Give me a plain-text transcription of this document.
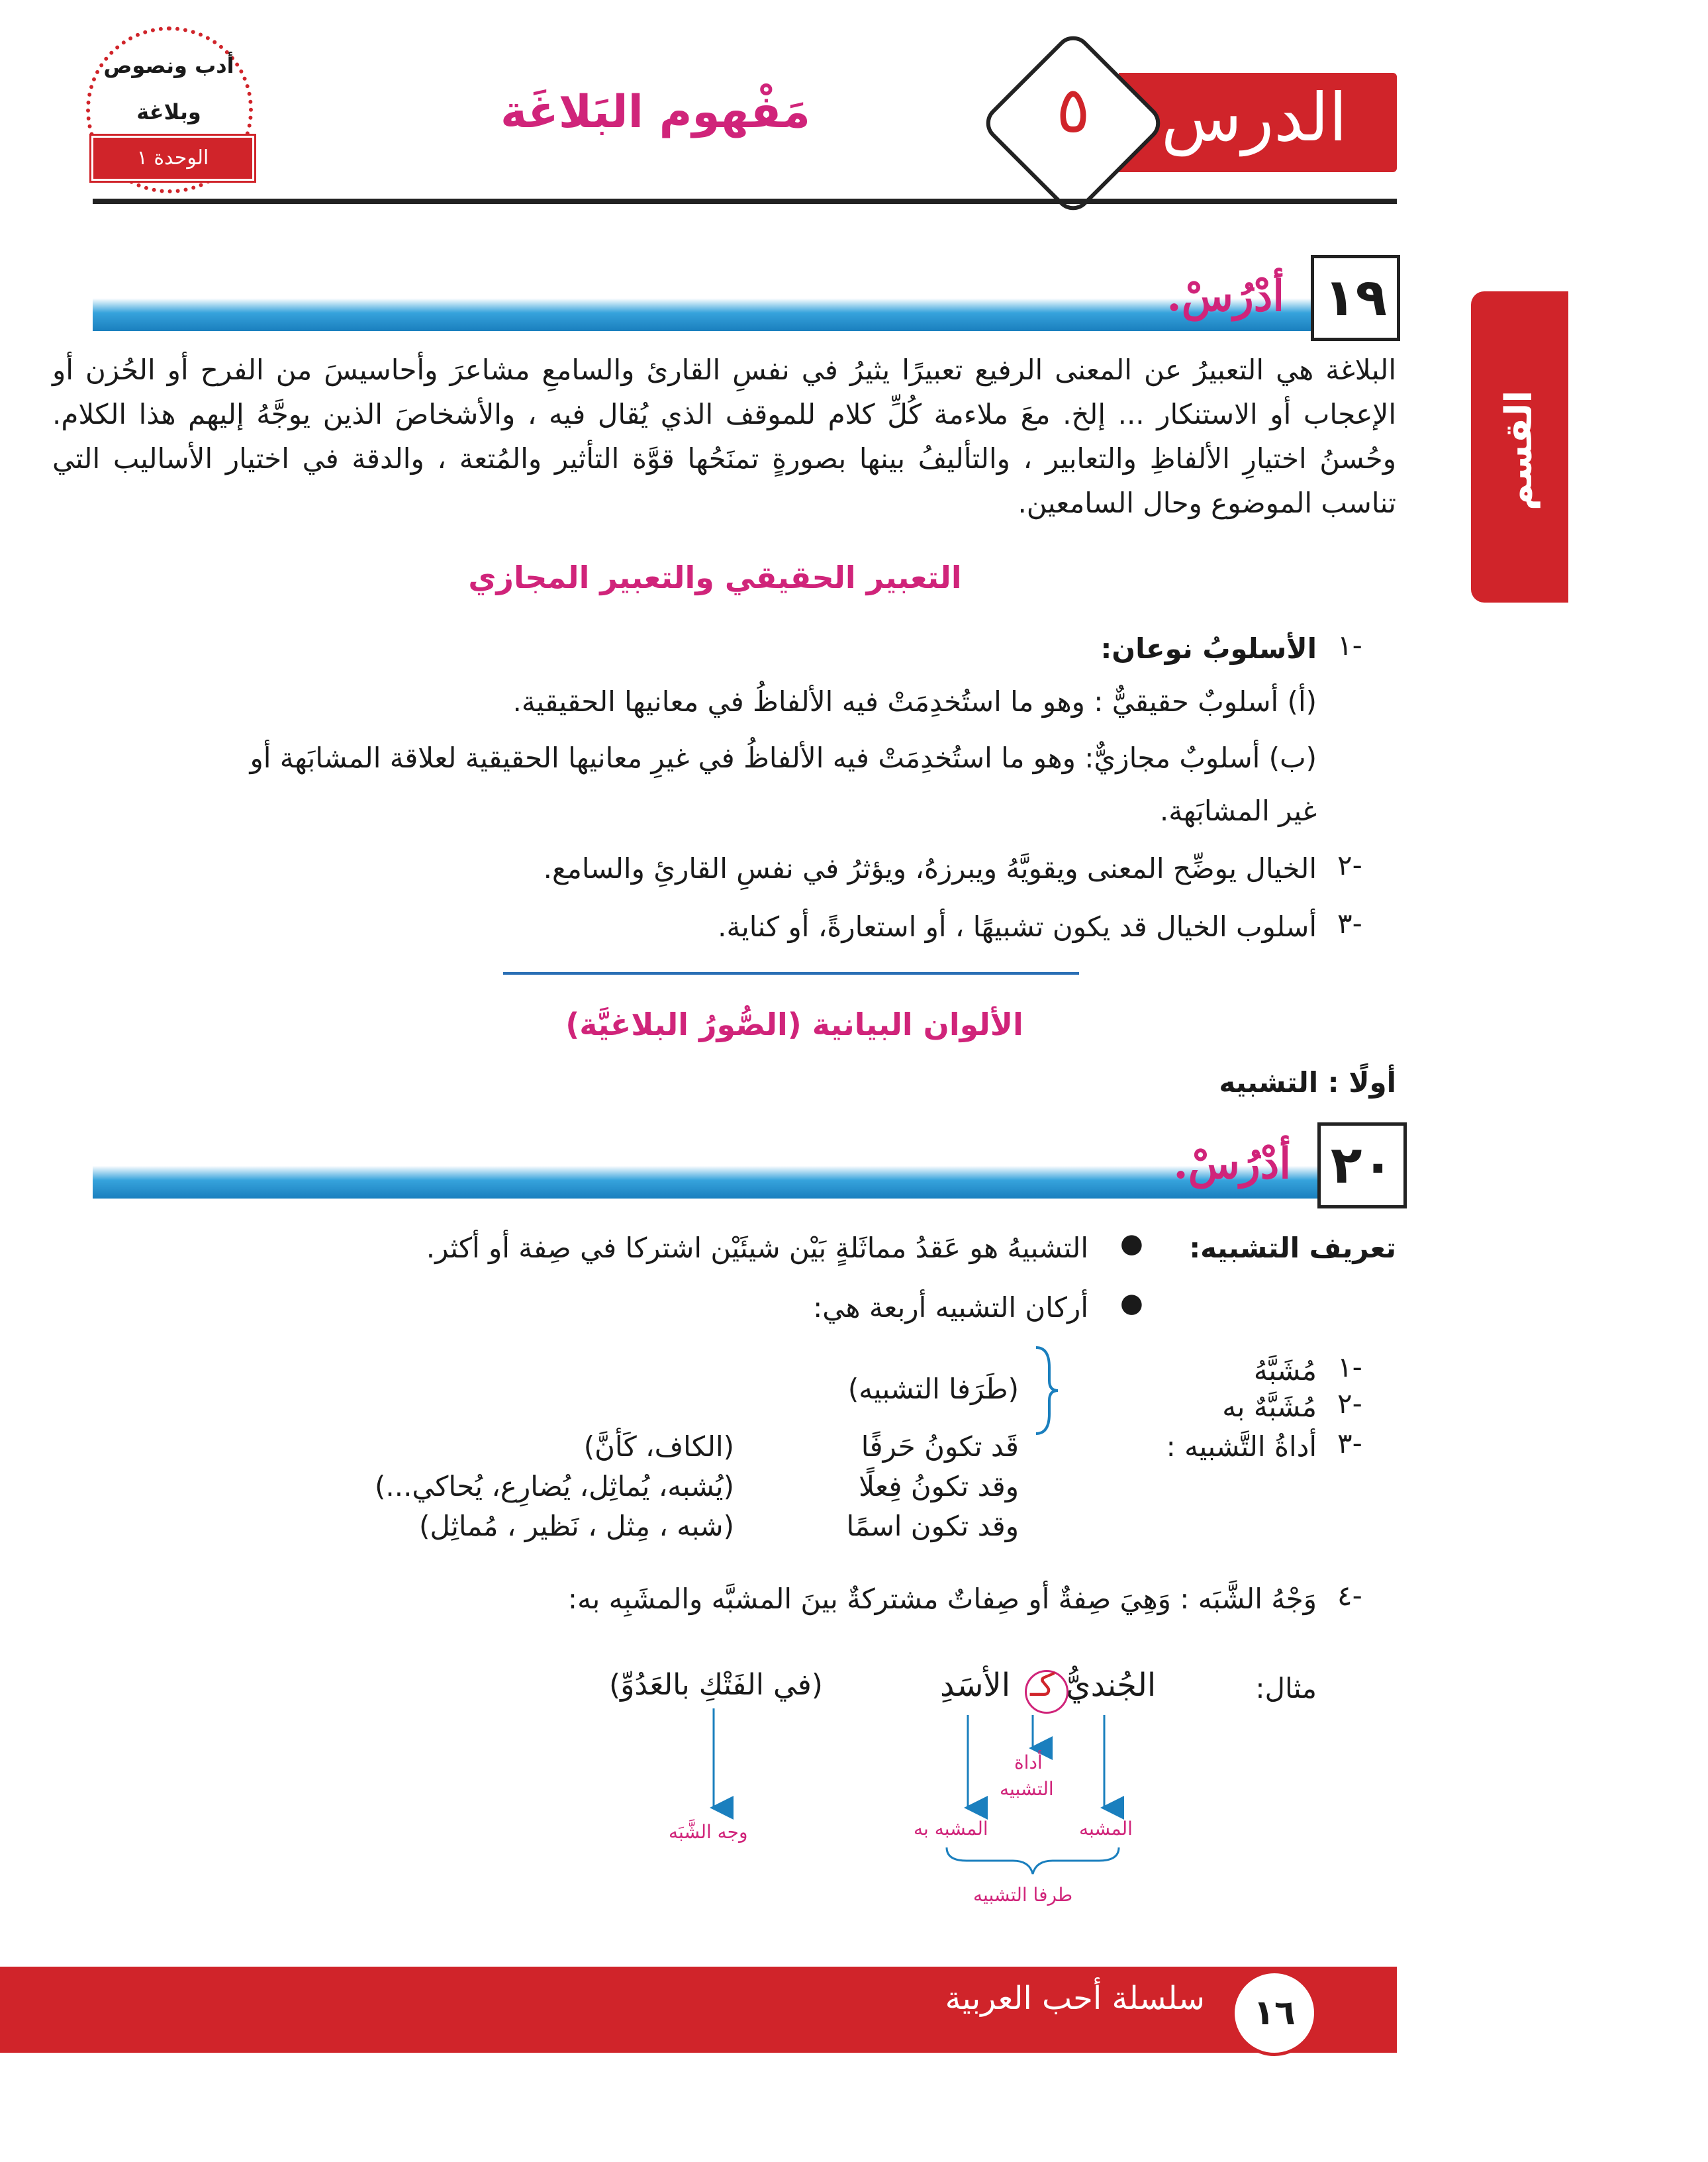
أدب ونصوص
وبلاغة
الوحدة ١
مَفْهوم البَلاغَة	الدرس
٥
القسم الأول
أدْرُسْ. ١٩
البلاغة هي التعبيرُ عن المعنى الرفيع تعبيرًا يثيرُ في نفسِ القارئ والسامعِ مشاعرَ وأحاسيسَ من الفرح أو الحُزن أو الإعجاب أو الاستنكار ... إلخ. معَ ملاءمة كُلِّ كلام للموقف الذي يُقال فيه ، والأشخاصَ الذين يوجَّهُ إليهم هذا الكلام. وحُسنُ اختيارِ الألفاظِ والتعابير ، والتأليفُ بينها بصورةٍ تمنَحُها قوَّة التأثير والمُتعة ، والدقة في اختيار الأساليب التي تناسب الموضوع وحال السامعين.
التعبير الحقيقي والتعبير المجازي
١-
الأسلوبُ نوعان:
(أ) أسلوبٌ حقيقيٌّ : وهو ما استُخدِمَتْ فيه الألفاظُ في معانيها الحقيقية.
(ب) أسلوبٌ مجازيٌّ: وهو ما استُخدِمَتْ فيه الألفاظُ في غيرِ معانيها الحقيقية لعلاقة المشابَهة أو
غير المشابَهة.
٢-
الخيال يوضِّح المعنى ويقويَّهُ ويبرزهُ، ويؤثرُ في نفسِ القارئِ والسامع.
٣-
أسلوب الخيال قد يكون تشبيهًا ، أو استعارةً، أو كناية.
الألوان البيانية (الصُّورُ البلاغيَّة)
أولًا : التشبيه
أدْرُسْ. ٢٠
تعريف التشبيه:
●
التشبيهُ هو عَقدُ مماثَلةٍ بَيْن شيئَيْن اشتركا في صِفة أو أكثر.
●
أركان التشبيه أربعة هي:
١-
مُشَبَّهُ
٢-
مُشَبَّهٌ به
(طَرَفا التشبيه)
٣-
أداةُ التَّشبيه :
قَد تكونُ حَرفًا
(الكاف، كَأنَّ)
وقد تكونُ فِعلًا
(يُشبه، يُماثِل، يُضارِع، يُحاكي...)
وقد تكون اسمًا
(شبه ، مِثل ، نَظير ، مُماثِل)
٤-
وَجْهُ الشَّبَه : وَهِيَ صِفةٌ أو صِفاتٌ مشتركةٌ بينَ المشبَّه والمشَبِه به:
مثال:
الجُنديُّ
كـ
الأسَدِ
(في الفَتْكِ بالعَدُوِّ)
أداة
التشبيه
المشبه
المشبه به
وجه الشَّبَه
طرفا التشبيه
سلسلة أحب العربية	١٦
